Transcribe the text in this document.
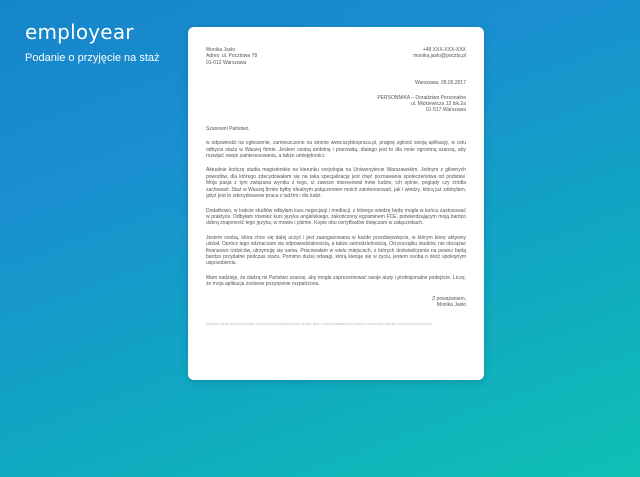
employear
Podanie o przyjęcie na staż
Monika Jasło
Adres: ul. Pocztowa 78
01-012 Warszawa
+48 XXX-XXX-XXX
monika.jaslo@poczta.pl
Warszawa, 09.05.2017
PERSONNIKA – Doradztwo Personalne
ul. Mickiewicza 12 lok.2a
01-517 Warszawa
Szanowni Państwo,
w odpowiedzi na ogłoszenie, zamieszczone na stronie www.szybkopraca.pl, pragnę zgłosić swoją aplikację, w celu odbycia stażu w Waszej firmie. Jestem osobą ambitną i pracowitą, dlatego jest to dla mnie ogromną szansą, aby rozwijać swoje zainteresowania, a także umiejętności.
Aktualnie kończę studia magisterskie na kierunku socjologia na Uniwersytecie Warszawskim. Jednym z głównych powodów, dla którego zdecydowałam się na taką specjalizację jest chęć poznawania społeczeństwa od podstaw. Moja pasja z tym związana wynika z tego, iż zawsze interesował mnie ludzie, ich opinie, poglądy czy źródła zachowań. Staż w Waszej firmie byłby idealnym połączeniem moich zainteresowań, jak i wiedzy, którą już zdobyłam, gdyż jest to zdecydowanie praca z ludźmi i dla ludzi.
Dodatkowo, w trakcie studiów odbyłam kurs negocjacji i mediacji, z którego wiedzę będę mogła w końcu zastosować w praktyce. Odbyłam również kurs języka angielskiego, zakończony egzaminem FCE, potwierdzającym moją bardzo dobrą znajomość tego języka, w mowie i piśmie. Kopie obu certyfikatów dołączam w załącznikach.
Jestem osobą, która chce się dalej uczyć i jest zaangażowana w każde przedsięwzięcie, w którym biorę aktywny udział. Oprócz tego odznaczam się odpowiedzialnością, a także samodzielnością. Od początku studiów, nie obciążac finansowo rodziców, utrzymuję się sama. Pracowałam w wielu miejscach, z których doświadczenia na pewno będą bardzo przydatne podczas stażu. Pomimo dużej odwagi, którą kieruję się w życiu, jestem osobą o dość spokojnym usposobieniu.
Mam nadzieję, że dadzą mi Państwo szansę, aby mogła zaprezentować swoje atuty i profesjonalne podejście. Liczę, że moja aplikacja zostanie pozytywnie rozpatrzona.
Z poważaniem,
Monika Jasło
Wyrażam zgodę na przetwarzanie moich danych osobowych przez Ubinka, firmy w celu prowadzenia rekrutacji na stanowisko stażysta na potrzeby zatrudnienia.
